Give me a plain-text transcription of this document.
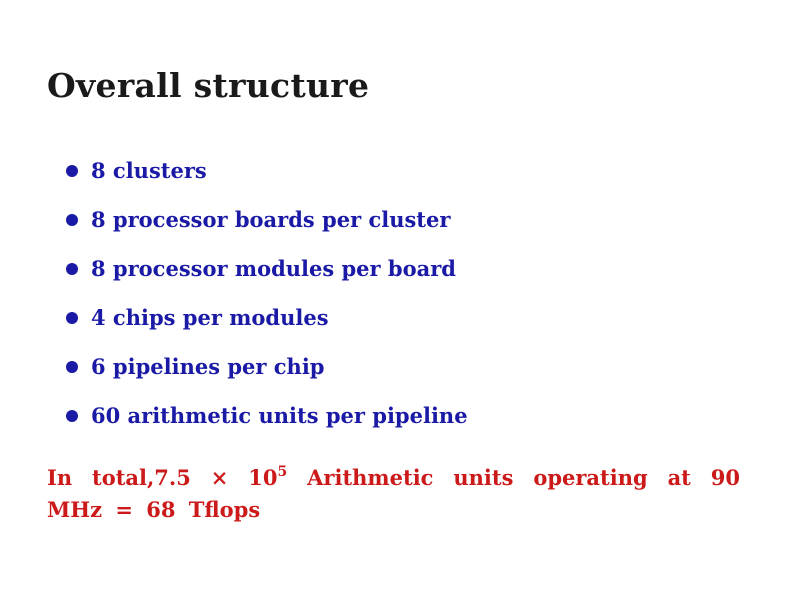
Overall structure
8 clusters
8 processor boards per cluster
8 processor modules per board
4 chips per modules
6 pipelines per chip
60 arithmetic units per pipeline

In total,7.5 × $10^5$ Arithmetic units operating at 90 MHz = 68 Tflops
